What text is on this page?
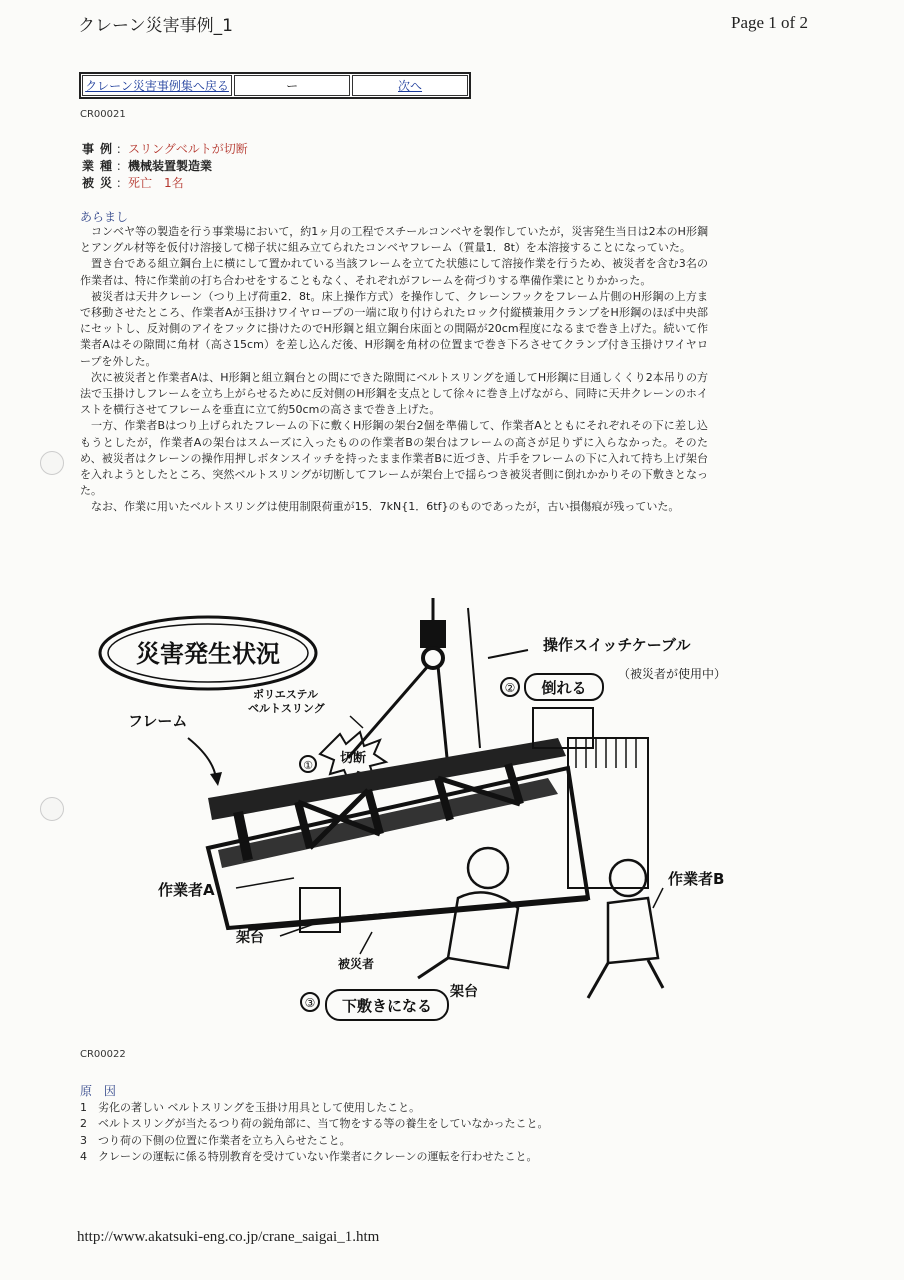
クレーン災害事例_1	Page 1 of 2
クレーン災害事例集へ戻る	ー	次へ
CR00021
事例
： スリングベルトが切断
業種
： 機械装置製造業
被災
： 死亡　1名
あらまし

コンベヤ等の製造を行う事業場において，約1ヶ月の工程でスチールコンベヤを製作していたが，災害発生当日は2本のH形鋼とアングル材等を仮付け溶接して梯子状に組み立てられたコンベヤフレーム（質量1．8t）を本溶接することになっていた。

置き台である組立鋼台上に横にして置かれている当該フレームを立てた状態にして溶接作業を行うため、被災者を含む3名の作業者は、特に作業前の打ち合わせをすることもなく、それぞれがフレームを荷づりする準備作業にとりかかった。

被災者は天井クレーン（つり上げ荷重2．8t。床上操作方式）を操作して、クレーンフックをフレーム片側のH形鋼の上方まで移動させたところ、作業者Aが玉掛けワイヤロープの一端に取り付けられたロック付縦横兼用クランプをH形鋼のほぼ中央部にセットし、反対側のアイをフックに掛けたのでH形鋼と組立鋼台床面との間隔が20cm程度になるまで巻き上げた。続いて作業者Aはその隙間に角材（高さ15cm）を差し込んだ後、H形鋼を角材の位置まで巻き下ろさせてクランプ付き玉掛けワイヤロープを外した。

次に被災者と作業者Aは、H形鋼と組立鋼台との間にできた隙間にベルトスリングを通してH形鋼に目通しくくり2本吊りの方法で玉掛けしフレームを立ち上がらせるために反対側のH形鋼を支点として徐々に巻き上げながら、同時に天井クレーンのホイストを横行させてフレームを垂直に立て約50cmの高さまで巻き上げた。

一方、作業者Bはつり上げられたフレームの下に敷くH形鋼の架台2個を準備して、作業者Aとともにそれぞれその下に差し込もうとしたが，作業者Aの架台はスムーズに入ったものの作業者Bの架台はフレームの高さが足りずに入らなかった。そのため、被災者はクレーンの操作用押しボタンスイッチを持ったまま作業者Bに近づき、片手をフレームの下に入れて持ち上げ架台を入れようとしたところ、突然ベルトスリングが切断してフレームが架台上で揺らつき被災者側に倒れかかりその下敷きとなった。

なお、作業に用いたベルトスリングは使用制限荷重が15．7kN{1．6tf}のものであったが，古い損傷痕が残っていた。

災害発生状況	操作スイッチケーブル
（被災者が使用中）
② 倒れる
ポリエステルベルトスリング
フレーム
切断
①
作業者A
作業者B
架台
被災者
架台
③ 下敷きになる
CR00022
原 因
1 劣化の著しい ベルトスリングを玉掛け用具として使用したこと。
2 ベルトスリングが当たるつり荷の鋭角部に、当て物をする等の養生をしていなかったこと。
3 つり荷の下側の位置に作業者を立ち入らせたこと。
4 クレーンの運転に係る特別教育を受けていない作業者にクレーンの運転を行わせたこと。
http://www.akatsuki-eng.co.jp/crane_saigai_1.htm
